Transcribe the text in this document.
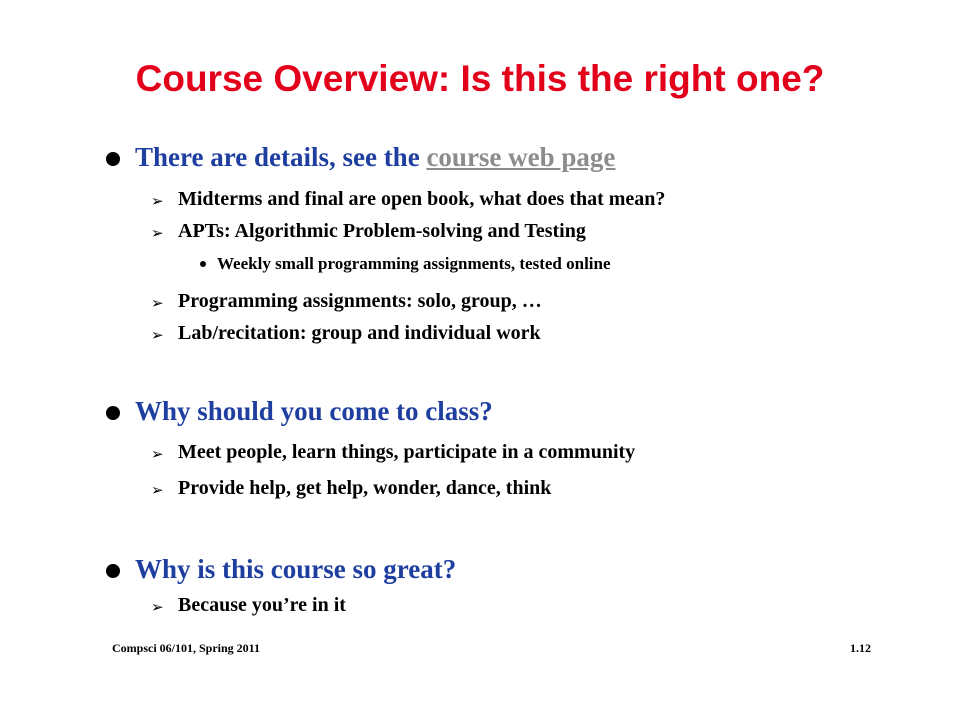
Course Overview: Is this the right one?
There are details, see the course web page
➢ Midterms and final are open book, what does that mean?
➢ APTs: Algorithmic Problem-solving and Testing
Weekly small programming assignments, tested online
➢ Programming assignments: solo, group, …
➢ Lab/recitation: group and individual work
Why should you come to class?
➢ Meet people, learn things, participate in a community
➢ Provide help, get help, wonder, dance, think
Why is this course so great?
➢ Because you’re in it
Compsci 06/101, Spring 2011	1.12
